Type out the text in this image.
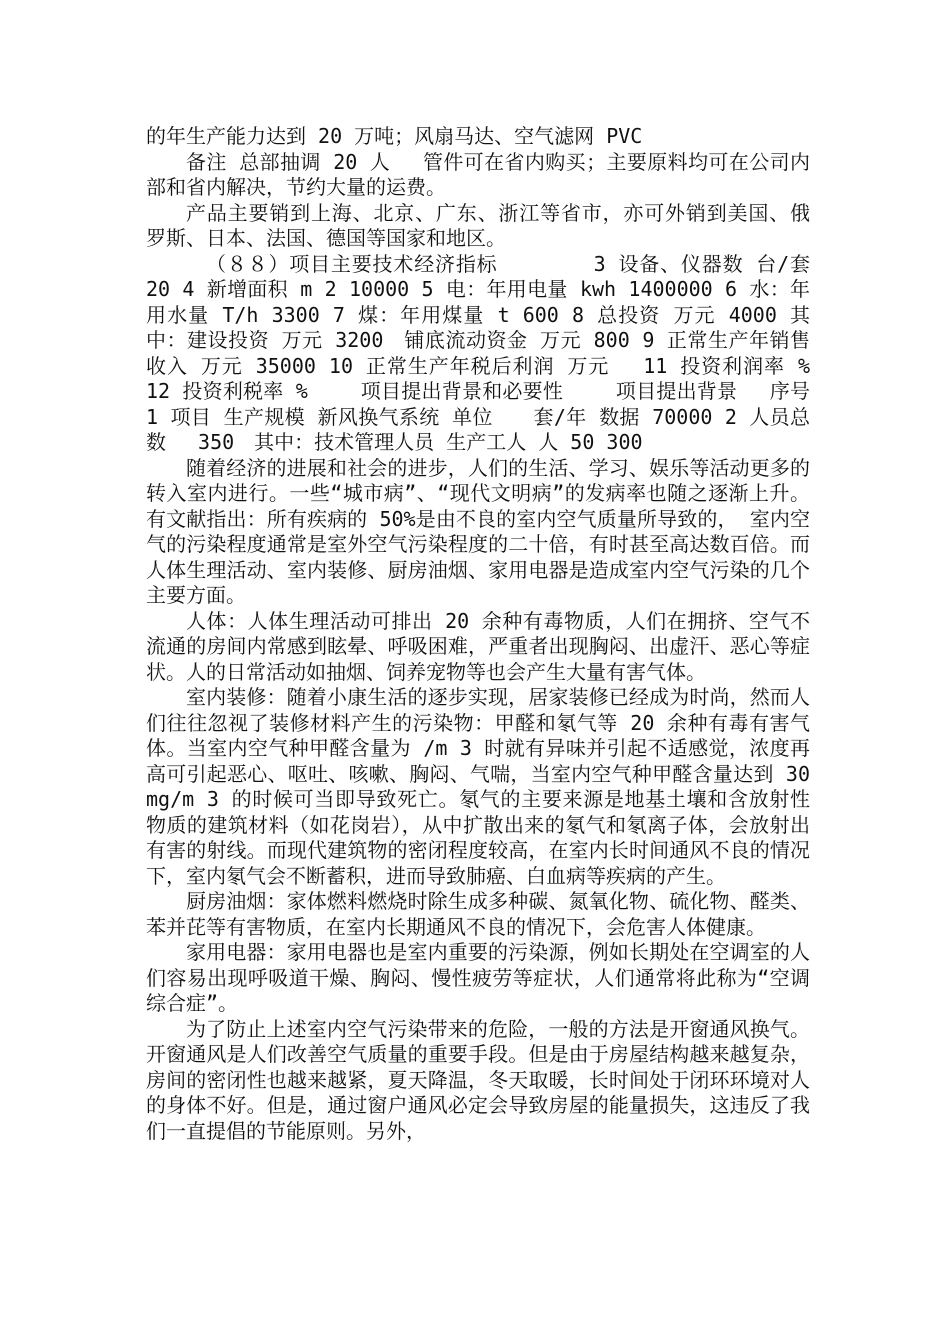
的年生产能力达到 20 万吨；风扇马达、空气滤网 PVC

备注 总部抽调 20 人　 管件可在省内购买；主要原料均可在公司内部和省内解决，节约大量的运费。

产品主要销到上海、北京、广东、浙江等省市，亦可外销到美国、俄　罗斯、日本、法国、德国等国家和地区。

（８８）项目主要技术经济指标　　　　 3 设备、仪器数 台/套 20 4 新增面积 m 2 10000 5 电：年用电量 kwh 1400000 6 水：年用水量 T/h 3300 7 煤：年用煤量 t 600 8 总投资 万元 4000 其中：建设投资 万元 3200　铺底流动资金 万元 800 9 正常生产年销售收入 万元 35000 10 正常生产年税后利润 万元　 11 投资利润率 %　12 投资利税率 %　　 项目提出背景和必要性　　 项目提出背景　 序号 1 项目 生产规模 新风换气系统 单位　　套/年 数据 70000 2 人员总数　 350　其中：技术管理人员 生产工人 人 50 300

随着经济的进展和社会的进步，人们的生活、学习、娱乐等活动更多的转入室内进行。一些“城市病”、“现代文明病”的发病率也随之逐渐上升。有文献指出：所有疾病的 50%是由不良的室内空气质量所导致的， 室内空气的污染程度通常是室外空气污染程度的二十倍，有时甚至高达数百倍。而人体生理活动、室内装修、厨房油烟、家用电器是造成室内空气污染的几个主要方面。

人体：人体生理活动可排出 20 余种有毒物质，人们在拥挤、空气不流通的房间内常感到眩晕、呼吸困难，严重者出现胸闷、出虚汗、恶心等症状。人的日常活动如抽烟、饲养宠物等也会产生大量有害气体。

室内装修：随着小康生活的逐步实现，居家装修已经成为时尚，然而人们往往忽视了装修材料产生的污染物：甲醛和氡气等 20 余种有毒有害气体。当室内空气种甲醛含量为 /m 3 时就有异味并引起不适感觉，浓度再高可引起恶心、呕吐、咳嗽、胸闷、气喘，当室内空气种甲醛含量达到 30mg/m 3 的时候可当即导致死亡。氡气的主要来源是地基土壤和含放射性物质的建筑材料（如花岗岩），从中扩散出来的氡气和氡离子体，会放射出有害的射线。而现代建筑物的密闭程度较高，在室内长时间通风不良的情况下，室内氡气会不断蓄积，进而导致肺癌、白血病等疾病的产生。

厨房油烟：家体燃料燃烧时除生成多种碳、氮氧化物、硫化物、醛类、苯并芘等有害物质，在室内长期通风不良的情况下，会危害人体健康。

家用电器：家用电器也是室内重要的污染源，例如长期处在空调室的人们容易出现呼吸道干燥、胸闷、慢性疲劳等症状，人们通常将此称为“空调综合症”。

为了防止上述室内空气污染带来的危险，一般的方法是开窗通风换气。开窗通风是人们改善空气质量的重要手段。但是由于房屋结构越来越复杂，房间的密闭性也越来越紧，夏天降温，冬天取暖，长时间处于闭环环境对人的身体不好。但是，通过窗户通风必定会导致房屋的能量损失，这违反了我们一直提倡的节能原则。另外，
